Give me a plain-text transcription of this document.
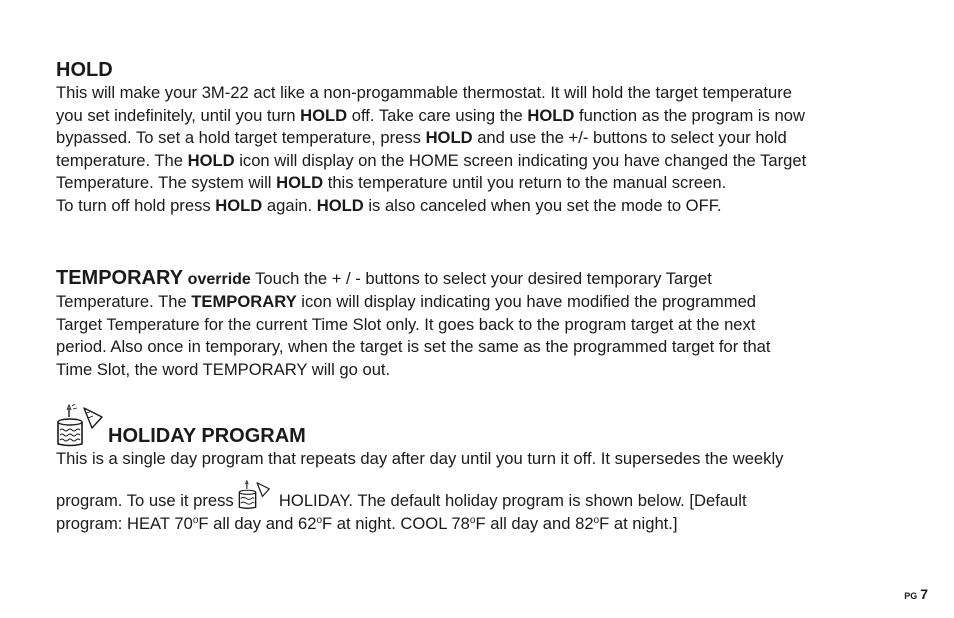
HOLD

This will make your 3M-22 act like a non-progammable thermostat. It will hold the target temperature
you set indefinitely, until you turn HOLD off. Take care using the HOLD function as the program is now
bypassed. To set a hold target temperature, press HOLD and use the +/- buttons to select your hold
temperature. The HOLD icon will display on the HOME screen indicating you have changed the Target
Temperature. The system will HOLD this temperature until you return to the manual screen.
To turn off hold press HOLD again. HOLD is also canceled when you set the mode to OFF.

TEMPORARY override Touch the + / - buttons to select your desired temporary Target
Temperature. The TEMPORARY icon will display indicating you have modified the programmed
Target Temperature for the current Time Slot only. It goes back to the program target at the next
period. Also once in temporary, when the target is set the same as the programmed target for that
Time Slot, the word TEMPORARY will go out.

HOLIDAY PROGRAM

This is a single day program that repeats day after day until you turn it off. It supersedes the weekly
program. To use it press  HOLIDAY. The default holiday program is shown below. [Default
program: HEAT 70$^o$F all day and 62$^o$F at night. COOL 78$^o$F all day and 82$^o$F at night.]

PG 7
